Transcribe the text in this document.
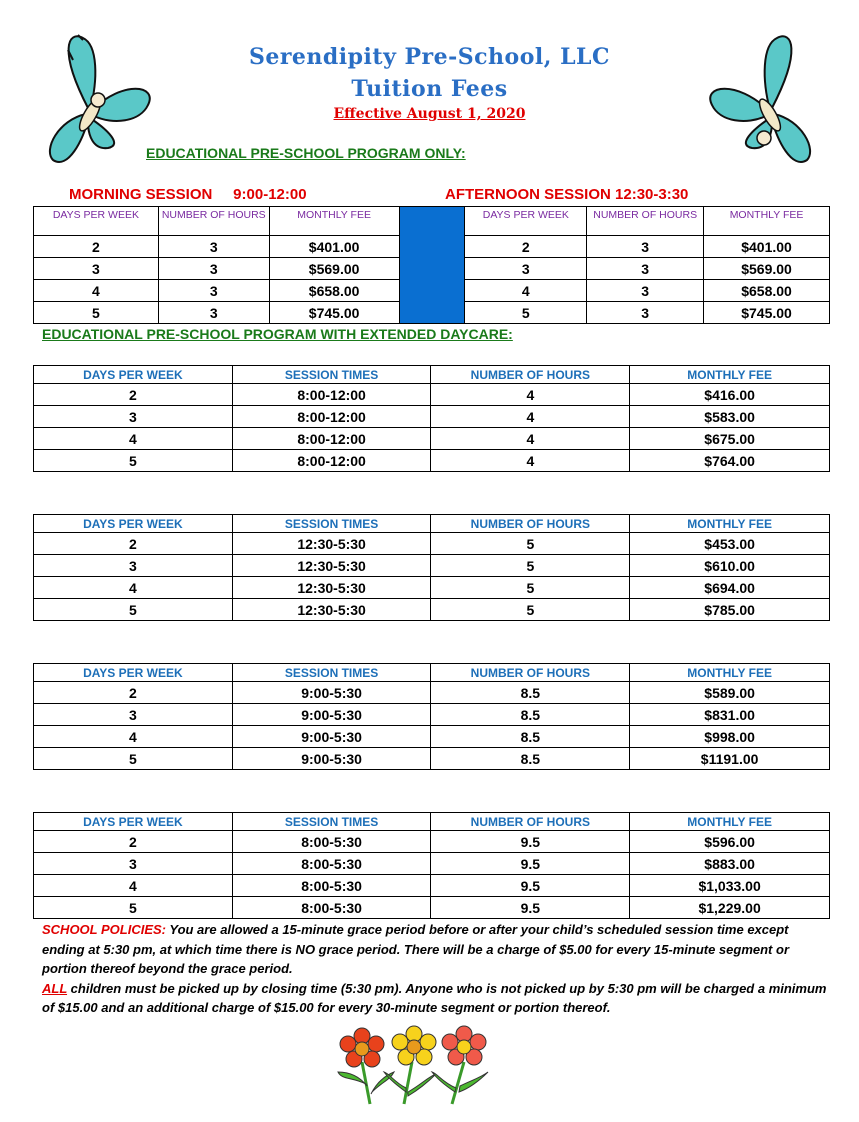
Serendipity Pre-School, LLC
Tuition Fees
Effective August 1, 2020
EDUCATIONAL PRE-SCHOOL PROGRAM ONLY:
MORNING SESSION     9:00-12:00	AFTERNOON SESSION 12:30-3:30
DAYS PER WEEK	NUMBER OF HOURS	MONTHLY FEE		DAYS PER WEEK	NUMBER OF HOURS	MONTHLY FEE
2	3	$401.00		2	3	$401.00
3	3	$569.00		3	3	$569.00
4	3	$658.00		4	3	$658.00
5	3	$745.00		5	3	$745.00
EDUCATIONAL PRE-SCHOOL PROGRAM WITH EXTENDED DAYCARE:
DAYS PER WEEK	SESSION TIMES	NUMBER OF HOURS	MONTHLY FEE
2	8:00-12:00	4	$416.00
3	8:00-12:00	4	$583.00
4	8:00-12:00	4	$675.00
5	8:00-12:00	4	$764.00
DAYS PER WEEK	SESSION TIMES	NUMBER OF HOURS	MONTHLY FEE
2	12:30-5:30	5	$453.00
3	12:30-5:30	5	$610.00
4	12:30-5:30	5	$694.00
5	12:30-5:30	5	$785.00
DAYS PER WEEK	SESSION TIMES	NUMBER OF HOURS	MONTHLY FEE
2	9:00-5:30	8.5	$589.00
3	9:00-5:30	8.5	$831.00
4	9:00-5:30	8.5	$998.00
5	9:00-5:30	8.5	$1191.00
DAYS PER WEEK	SESSION TIMES	NUMBER OF HOURS	MONTHLY FEE
2	8:00-5:30	9.5	$596.00
3	8:00-5:30	9.5	$883.00
4	8:00-5:30	9.5	$1,033.00
5	8:00-5:30	9.5	$1,229.00
SCHOOL POLICIES: You are allowed a 15-minute grace period before or after your child’s scheduled session time except ending at 5:30 pm, at which time there is NO grace period. There will be a charge of $5.00 for every 15-minute segment or portion thereof beyond the grace period.
ALL children must be picked up by closing time (5:30 pm). Anyone who is not picked up by 5:30 pm will be charged a minimum of $15.00 and an additional charge of $15.00 for every 30-minute segment or portion thereof.
